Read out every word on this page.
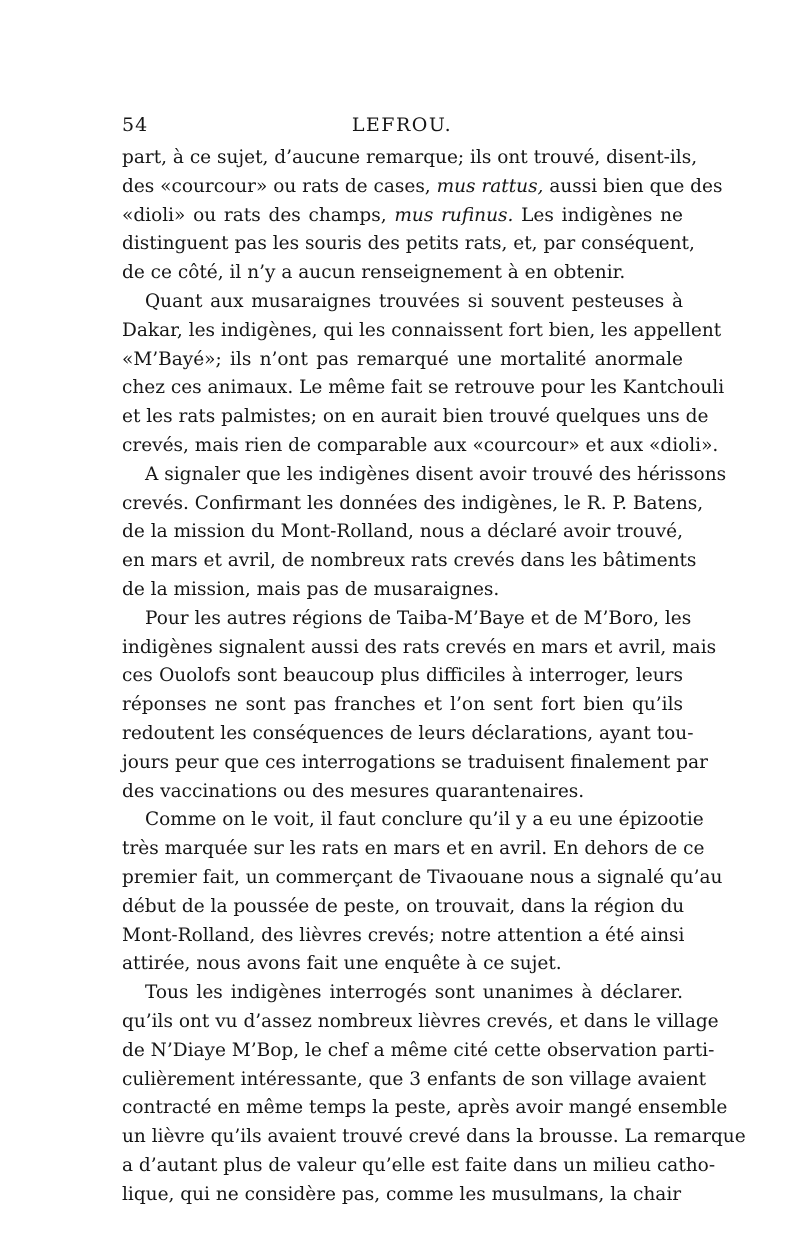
54	LEFROU.
part, à ce sujet, d’aucune remarque; ils ont trouvé, disent-ils,
des «courcour» ou rats de cases, mus rattus, aussi bien que des
«dioli» ou rats des champs, mus rufinus. Les indigènes ne
distinguent pas les souris des petits rats, et, par conséquent,
de ce côté, il n’y a aucun renseignement à en obtenir.
Quant aux musaraignes trouvées si souvent pesteuses à
Dakar, les indigènes, qui les connaissent fort bien, les appellent
«M’Bayé»; ils n’ont pas remarqué une mortalité anormale
chez ces animaux. Le même fait se retrouve pour les Kantchouli
et les rats palmistes; on en aurait bien trouvé quelques uns de
crevés, mais rien de comparable aux «courcour» et aux «dioli».
A signaler que les indigènes disent avoir trouvé des hérissons
crevés. Confirmant les données des indigènes, le R. P. Batens,
de la mission du Mont-Rolland, nous a déclaré avoir trouvé,
en mars et avril, de nombreux rats crevés dans les bâtiments
de la mission, mais pas de musaraignes.
Pour les autres régions de Taiba-M’Baye et de M’Boro, les
indigènes signalent aussi des rats crevés en mars et avril, mais
ces Ouolofs sont beaucoup plus difficiles à interroger, leurs
réponses ne sont pas franches et l’on sent fort bien qu’ils
redoutent les conséquences de leurs déclarations, ayant tou-
jours peur que ces interrogations se traduisent finalement par
des vaccinations ou des mesures quarantenaires.
Comme on le voit, il faut conclure qu’il y a eu une épizootie
très marquée sur les rats en mars et en avril. En dehors de ce
premier fait, un commerçant de Tivaouane nous a signalé qu’au
début de la poussée de peste, on trouvait, dans la région du
Mont-Rolland, des lièvres crevés; notre attention a été ainsi
attirée, nous avons fait une enquête à ce sujet.
Tous les indigènes interrogés sont unanimes à déclarer.
qu’ils ont vu d’assez nombreux lièvres crevés, et dans le village
de N’Diaye M’Bop, le chef a même cité cette observation parti-
culièrement intéressante, que 3 enfants de son village avaient
contracté en même temps la peste, après avoir mangé ensemble
un lièvre qu’ils avaient trouvé crevé dans la brousse. La remarque
a d’autant plus de valeur qu’elle est faite dans un milieu catho-
lique, qui ne considère pas, comme les musulmans, la chair
